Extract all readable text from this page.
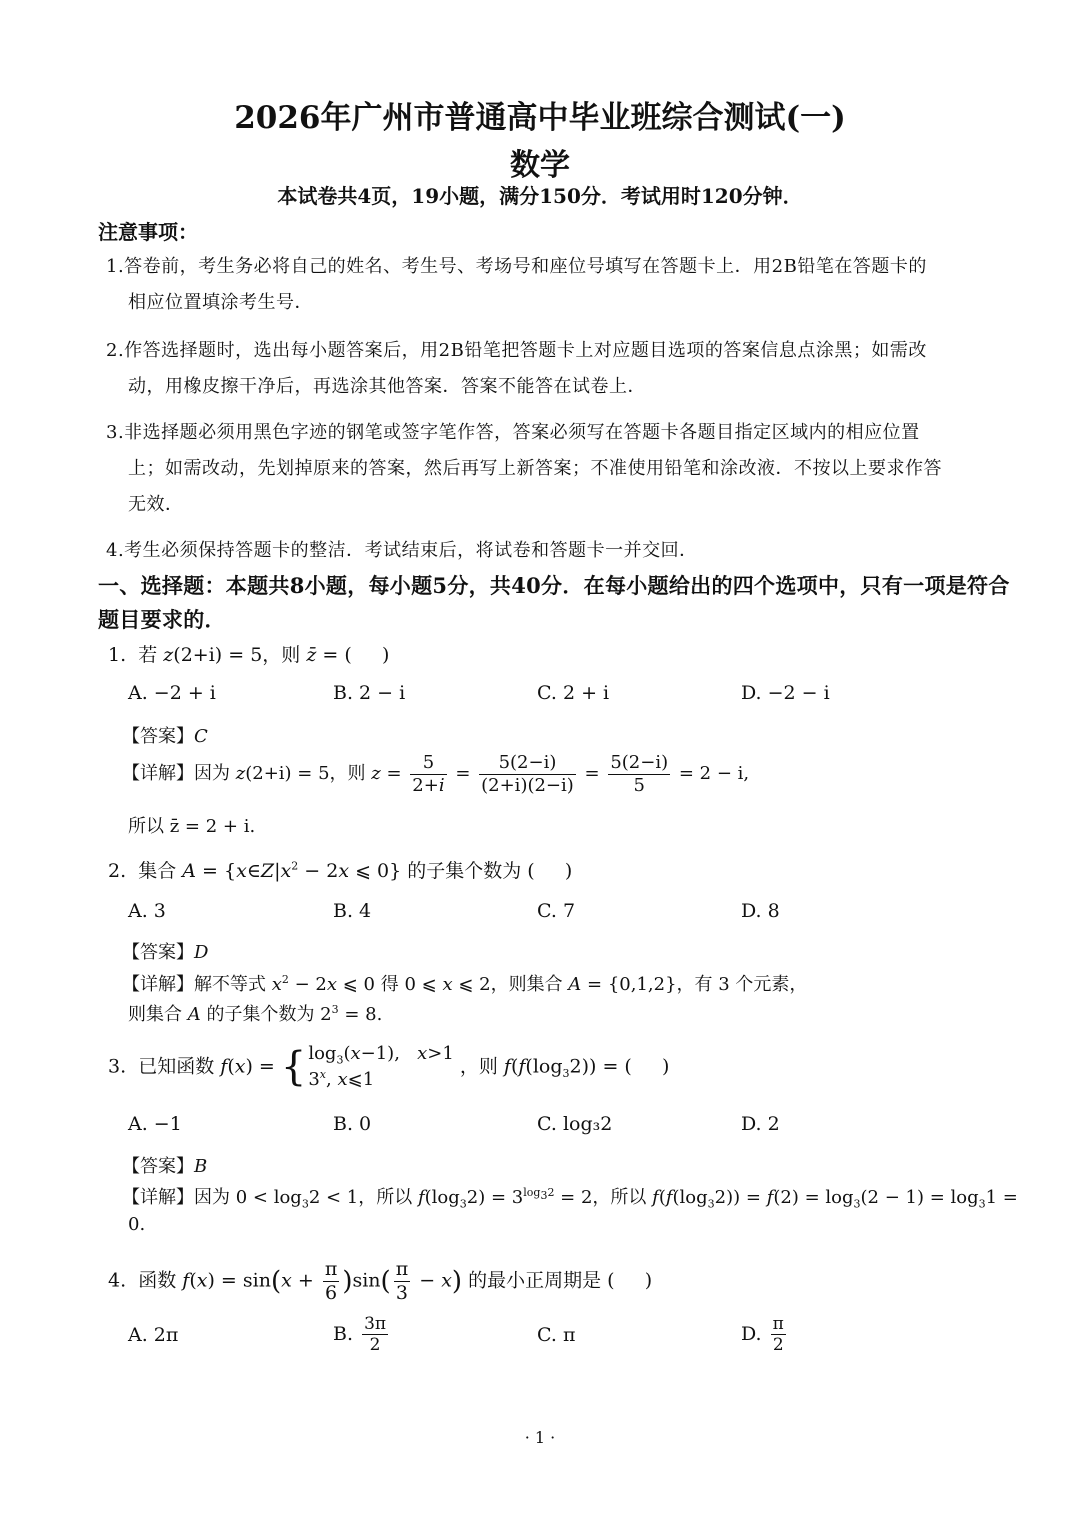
2026年广州市普通高中毕业班综合测试(一)
数学
本试卷共4页，19小题，满分150分．考试用时120分钟．
注意事项：
1.答卷前，考生务必将自己的姓名、考生号、考场号和座位号填写在答题卡上．用2B铅笔在答题卡的
相应位置填涂考生号．
2.作答选择题时，选出每小题答案后，用2B铅笔把答题卡上对应题目选项的答案信息点涂黑；如需改
动，用橡皮擦干净后，再选涂其他答案．答案不能答在试卷上．
3.非选择题必须用黑色字迹的钢笔或签字笔作答，答案必须写在答题卡各题目指定区域内的相应位置
上；如需改动，先划掉原来的答案，然后再写上新答案；不准使用铅笔和涂改液．不按以上要求作答
无效．
4.考生必须保持答题卡的整洁．考试结束后，将试卷和答题卡一并交回．
一、选择题：本题共8小题，每小题5分，共40分．在每小题给出的四个选项中，只有一项是符合
题目要求的．
1.  若 z(2+i) = 5，则 z̄ = (     )
A. −2 + i	B. 2 − i	C. 2 + i	D. −2 − i
【答案】C
【详解】因为 z(2+i) = 5，则 $z = \frac{5}{2+i} = \frac{5(2-i)}{(2+i)(2-i)} = \frac{5(2-i)}{5} = 2 - i$,
所以 z̄ = 2 + i.
2.  集合 $A = \{x\in Z|x^2 - 2x$ ⩽ 0} 的子集个数为 (     )
A. 3	B. 4	C. 7	D. 8
【答案】D
【详解】解不等式 $x^2 - 2x$ ⩽ 0 得 0 ⩽ x ⩽ 2，则集合 A = {0,1,2}，有 3 个元素，
则集合 A 的子集个数为 $2^3 = 8$.
3.  已知函数 f(x) = { $\log_3(x-1)$,   x>1
3$^x$, x⩽1 ，则 $f(f(\log_32))$ = (     )
A. −1	B. 0	C. log₃2	D. 2
【答案】B
【详解】因为 $0 < \log_32 < 1$，所以 $f(\log_32) = 3^{log_32} = 2$，所以 $f(f(\log_32)) = f(2) = \log_3(2 - 1) = \log_31$ =
0.
4.  函数 $f(x) = \sin(x + \frac{\pi}{6} )\sin( \frac{\pi}{3} - x)$ 的最小正周期是 (     )
A. 2π	B. $\frac{3\pi}{2}$	C. π	D. $\frac{\pi}{2}$
· 1 ·
